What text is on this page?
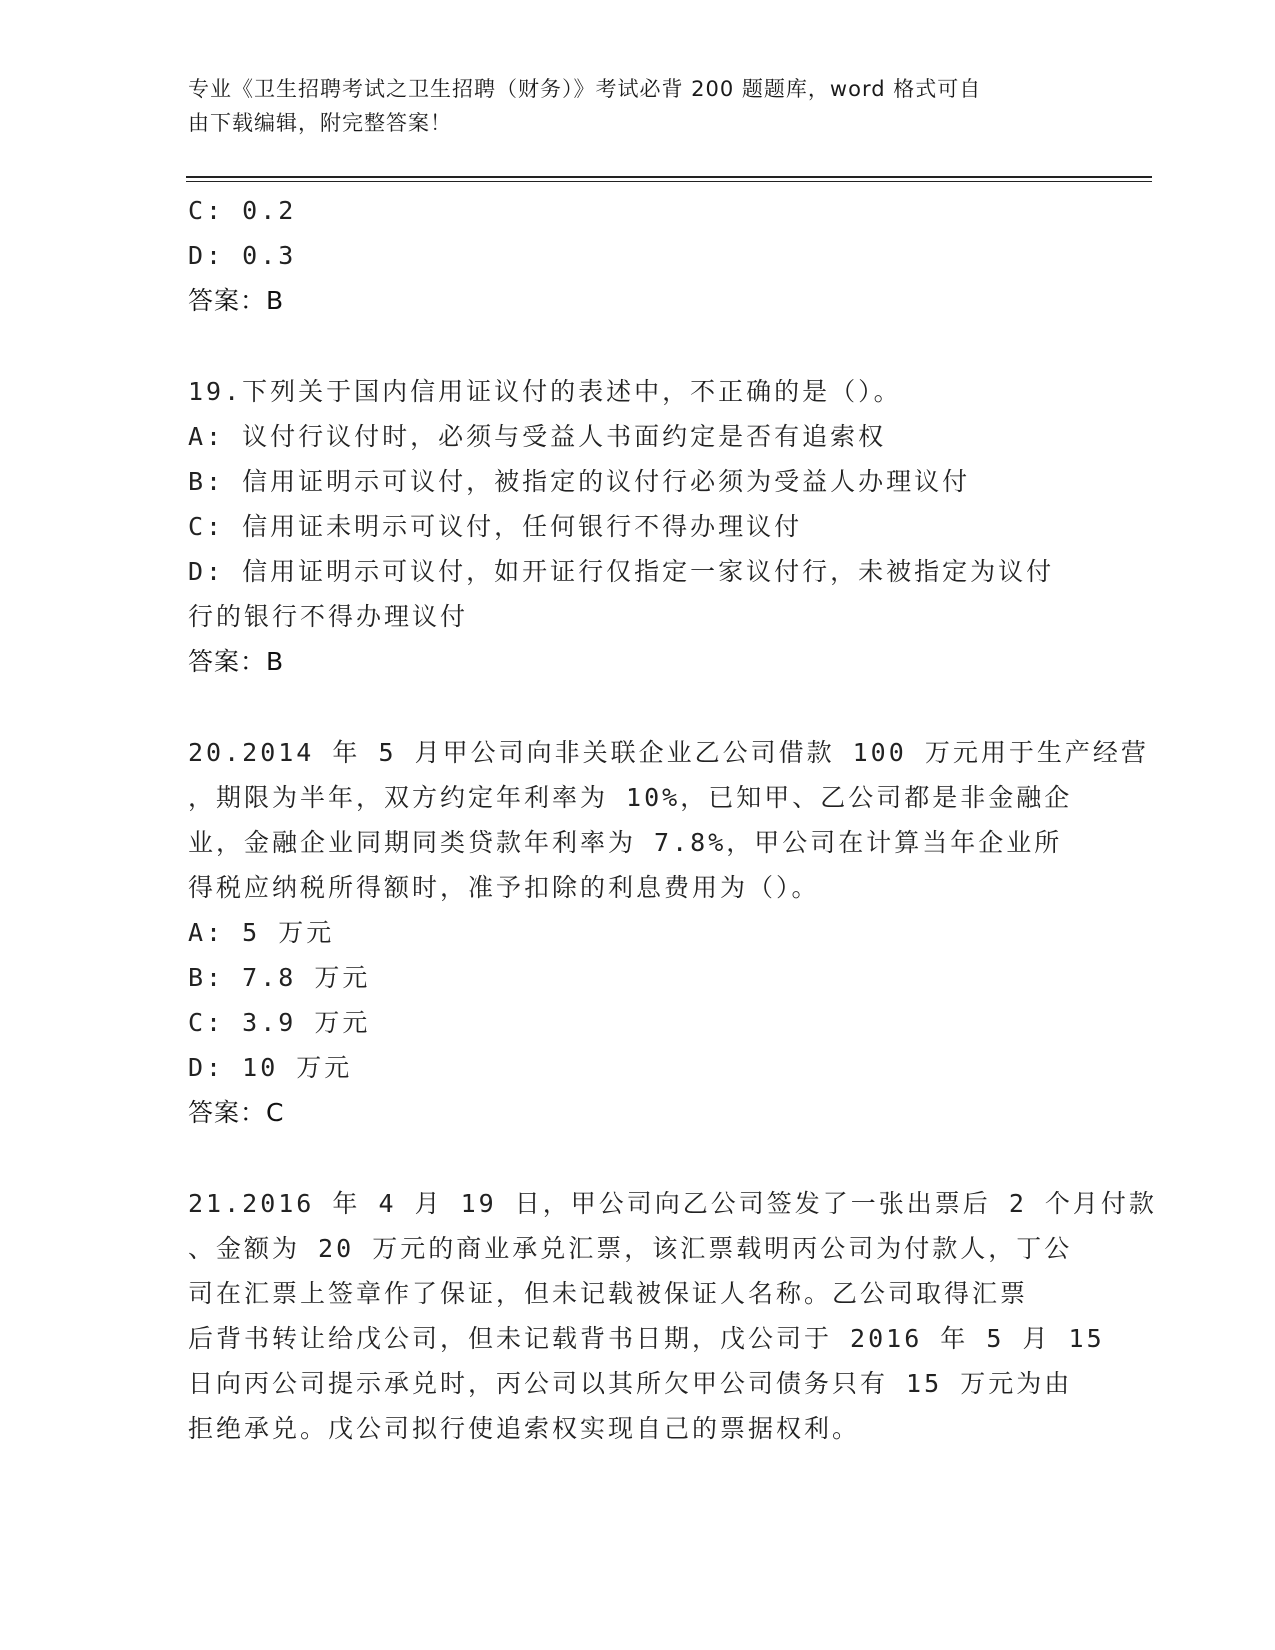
专业《卫生招聘考试之卫生招聘（财务）》考试必背 200 题题库，word 格式可自
由下载编辑，附完整答案！
C: 0.2
D: 0.3
答案：B
19.下列关于国内信用证议付的表述中，不正确的是（）。
A: 议付行议付时，必须与受益人书面约定是否有追索权
B: 信用证明示可议付，被指定的议付行必须为受益人办理议付
C: 信用证未明示可议付，任何银行不得办理议付
D: 信用证明示可议付，如开证行仅指定一家议付行，未被指定为议付
行的银行不得办理议付
答案：B
20.2014 年 5 月甲公司向非关联企业乙公司借款 100 万元用于生产经营
，期限为半年，双方约定年利率为 10%，已知甲、乙公司都是非金融企
业，金融企业同期同类贷款年利率为 7.8%，甲公司在计算当年企业所
得税应纳税所得额时，准予扣除的利息费用为（）。
A: 5 万元
B: 7.8 万元
C: 3.9 万元
D: 10 万元
答案：C
21.2016 年 4 月 19 日，甲公司向乙公司签发了一张出票后 2 个月付款
、金额为 20 万元的商业承兑汇票，该汇票载明丙公司为付款人，丁公
司在汇票上签章作了保证，但未记载被保证人名称。乙公司取得汇票
后背书转让给戊公司，但未记载背书日期，戊公司于 2016 年 5 月 15
日向丙公司提示承兑时，丙公司以其所欠甲公司债务只有 15 万元为由
拒绝承兑。戊公司拟行使追索权实现自己的票据权利。
